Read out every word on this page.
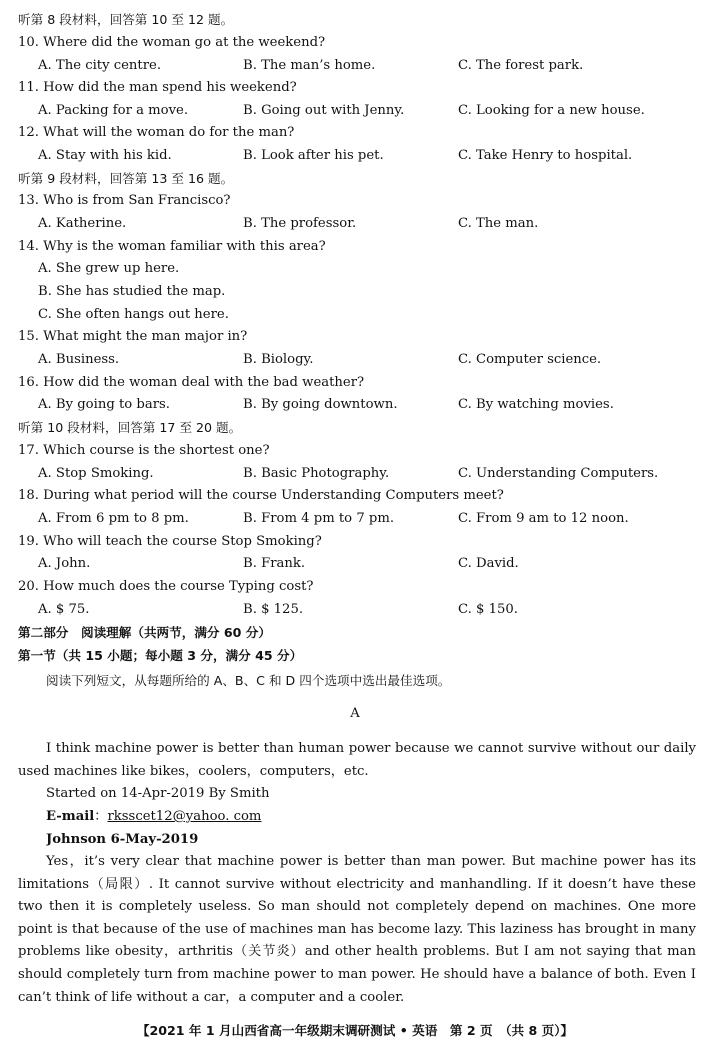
听第 8 段材料，回答第 10 至 12 题。
10. Where did the woman go at the weekend?
A. The city centre.	B. The man’s home.	C. The forest park.
11. How did the man spend his weekend?
A. Packing for a move.	B. Going out with Jenny.	C. Looking for a new house.
12. What will the woman do for the man?
A. Stay with his kid.	B. Look after his pet.	C. Take Henry to hospital.
听第 9 段材料，回答第 13 至 16 题。
13. Who is from San Francisco?
A. Katherine.	B. The professor.	C. The man.
14. Why is the woman familiar with this area?
A. She grew up here.
B. She has studied the map.
C. She often hangs out here.
15. What might the man major in?
A. Business.	B. Biology.	C. Computer science.
16. How did the woman deal with the bad weather?
A. By going to bars.	B. By going downtown.	C. By watching movies.
听第 10 段材料，回答第 17 至 20 题。
17. Which course is the shortest one?
A. Stop Smoking.	B. Basic Photography.	C. Understanding Computers.
18. During what period will the course Understanding Computers meet?
A. From 6 pm to 8 pm.	B. From 4 pm to 7 pm.	C. From 9 am to 12 noon.
19. Who will teach the course Stop Smoking?
A. John.	B. Frank.	C. David.
20. How much does the course Typing cost?
A. $ 75.	B. $ 125.	C. $ 150.
第二部分　阅读理解（共两节，满分 60 分）
第一节（共 15 小题；每小题 3 分，满分 45 分）
阅读下列短文，从每题所给的 A、B、C 和 D 四个选项中选出最佳选项。
A

I think machine power is better than human power because we cannot survive without our daily used machines like bikes，coolers，computers，etc.

Started on 14-Apr-2019 By Smith
E-mail：rksscet12@yahoo. com
Johnson 6-May-2019

Yes，it’s very clear that machine power is better than man power. But machine power has its limitations（局限）. It cannot survive without electricity and manhandling. If it doesn’t have these two then it is completely useless. So man should not completely depend on machines. One more point is that because of the use of machines man has become lazy. This laziness has brought in many problems like obesity，arthritis（关节炎）and other health problems. But I am not saying that man should completely turn from machine power to man power. He should have a balance of both. Even I can’t think of life without a car，a computer and a cooler.

【2021 年 1 月山西省高一年级期末调研测试 • 英语　第 2 页　（共 8 页）】
